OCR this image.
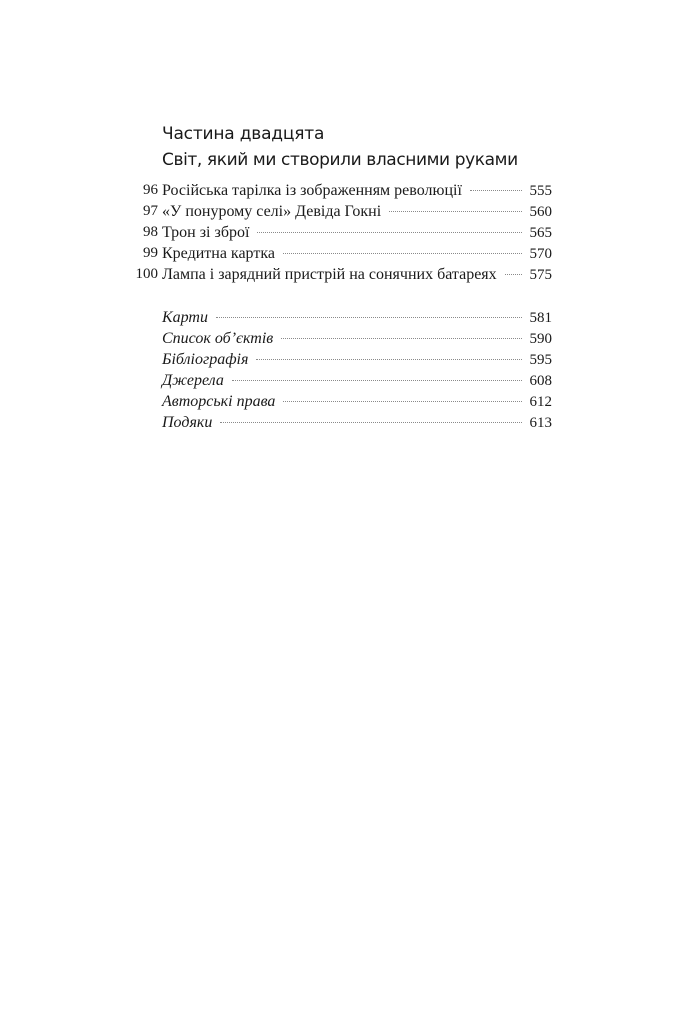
Частина двадцята
Світ, який ми створили власними руками
96 Російська тарілка із зображенням революції	555
97 «У понурому селі» Девіда Гокні	560
98 Трон зі зброї	565
99 Кредитна картка	570
100 Лампа і зарядний пристрій на сонячних батареях 575
Карти	581
Список об’єктів	590
Бібліографія	595
Джерела	608
Авторські права	612
Подяки	613
